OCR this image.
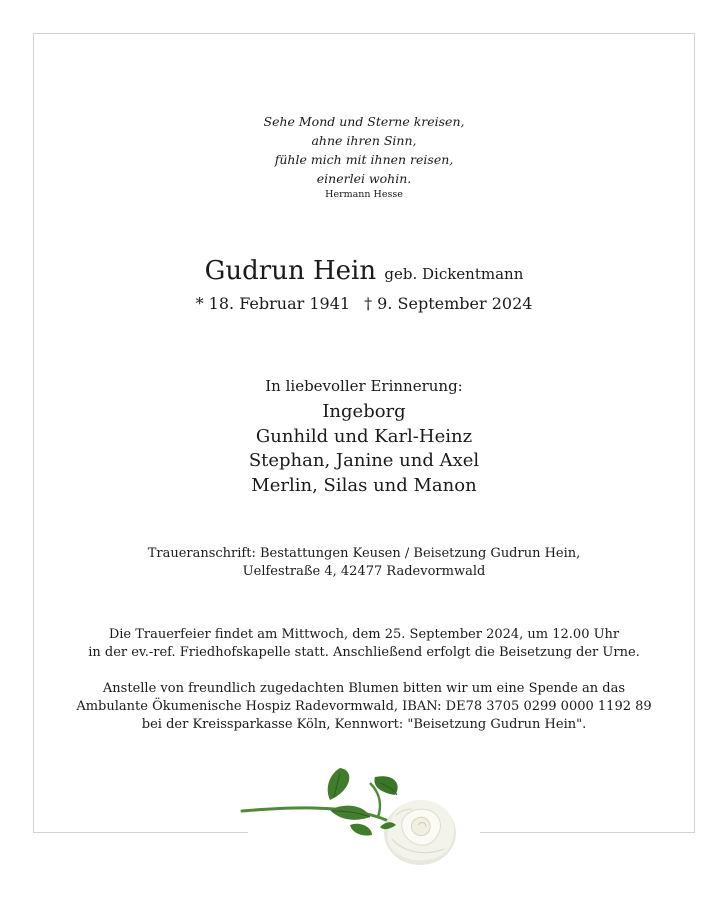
Sehe Mond und Sterne kreisen,
ahne ihren Sinn,
fühle mich mit ihnen reisen,
einerlei wohin.
Hermann Hesse
Gudrun Hein geb. Dickentmann
* 18. Februar 1941 † 9. September 2024
In liebevoller Erinnerung:
Ingeborg
Gunhild und Karl-Heinz
Stephan, Janine und Axel
Merlin, Silas und Manon
Traueranschrift: Bestattungen Keusen / Beisetzung Gudrun Hein,
Uelfestraße 4, 42477 Radevormwald
Die Trauerfeier findet am Mittwoch, dem 25. September 2024, um 12.00 Uhr
in der ev.-ref. Friedhofskapelle statt. Anschließend erfolgt die Beisetzung der Urne.
Anstelle von freundlich zugedachten Blumen bitten wir um eine Spende an das
Ambulante Ökumenische Hospiz Radevormwald, IBAN: DE78 3705 0299 0000 1192 89
bei der Kreissparkasse Köln, Kennwort: "Beisetzung Gudrun Hein".
